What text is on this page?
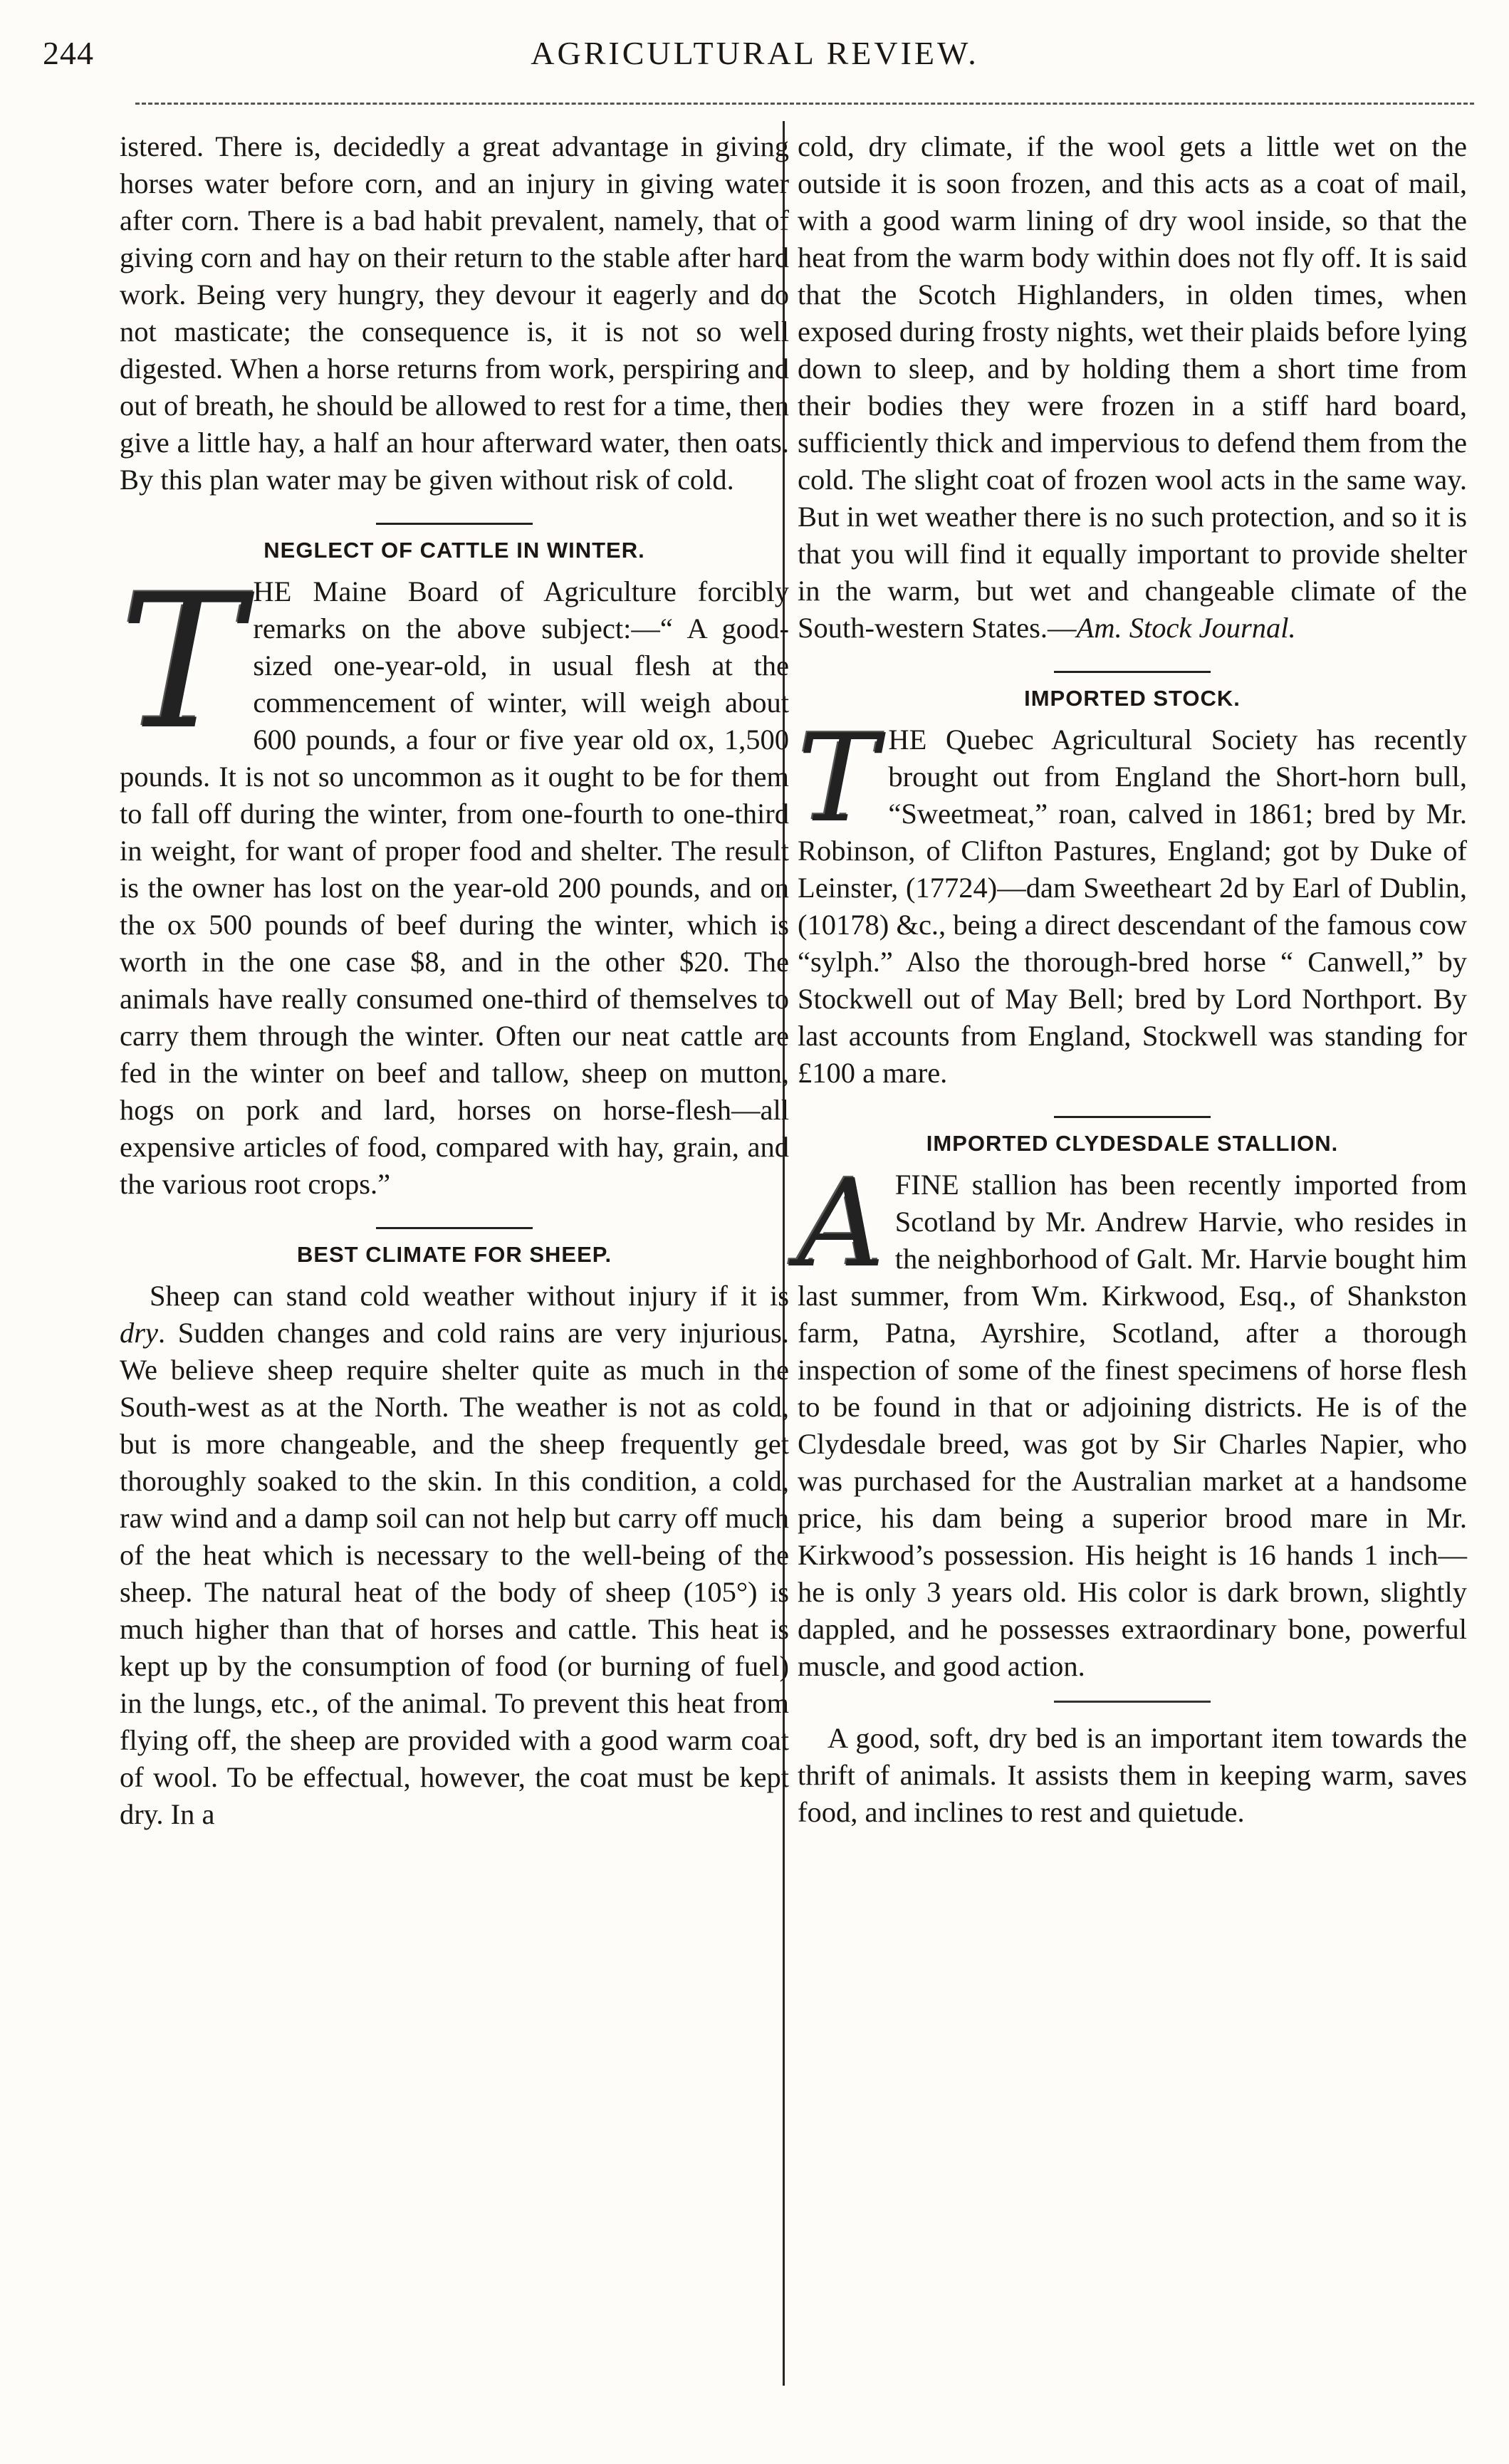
244	AGRICULTURAL REVIEW.

istered. There is, decidedly a great advantage in giving horses water before corn, and an injury in giving water after corn. There is a bad habit prevalent, namely, that of giving corn and hay on their return to the stable after hard work. Being very hungry, they devour it eagerly and do not masticate; the consequence is, it is not so well digested. When a horse returns from work, perspiring and out of breath, he should be allowed to rest for a time, then give a little hay, a half an hour afterward water, then oats. By this plan water may be given without risk of cold.

NEGLECT OF CATTLE IN WINTER.
T HE Maine Board of Agriculture forcibly remarks on the above subject:—“ A good-sized one-year-old, in usual flesh at the commencement of winter, will weigh about 600 pounds, a four or five year old ox, 1,500 pounds. It is not so uncommon as it ought to be for them to fall off during the winter, from one-fourth to one-third in weight, for want of proper food and shelter. The result is the owner has lost on the year-old 200 pounds, and on the ox 500 pounds of beef during the winter, which is worth in the one case $8, and in the other $20. The animals have really consumed one-third of themselves to carry them through the winter. Often our neat cattle are fed in the winter on beef and tallow, sheep on mutton, hogs on pork and lard, horses on horse-flesh—all expensive articles of food, compared with hay, grain, and the various root crops.”

BEST CLIMATE FOR SHEEP.

Sheep can stand cold weather without injury if it is dry. Sudden changes and cold rains are very injurious. We believe sheep require shelter quite as much in the South-west as at the North. The weather is not as cold, but is more changeable, and the sheep frequently get thoroughly soaked to the skin. In this condition, a cold, raw wind and a damp soil can not help but carry off much of the heat which is necessary to the well-being of the sheep. The natural heat of the body of sheep (105°) is much higher than that of horses and cattle. This heat is kept up by the consumption of food (or burning of fuel) in the lungs, etc., of the animal. To prevent this heat from flying off, the sheep are provided with a good warm coat of wool. To be effectual, however, the coat must be kept dry. In a

cold, dry climate, if the wool gets a little wet on the outside it is soon frozen, and this acts as a coat of mail, with a good warm lining of dry wool inside, so that the heat from the warm body within does not fly off. It is said that the Scotch Highlanders, in olden times, when exposed during frosty nights, wet their plaids before lying down to sleep, and by holding them a short time from their bodies they were frozen in a stiff hard board, sufficiently thick and impervious to defend them from the cold. The slight coat of frozen wool acts in the same way. But in wet weather there is no such protection, and so it is that you will find it equally important to provide shelter in the warm, but wet and changeable climate of the South-western States.—Am. Stock Journal.

IMPORTED STOCK.
T HE Quebec Agricultural Society has recently brought out from England the Short-horn bull, “Sweetmeat,” roan, calved in 1861; bred by Mr. Robinson, of Clifton Pastures, England; got by Duke of Leinster, (17724)—dam Sweetheart 2d by Earl of Dublin, (10178) &c., being a direct descendant of the famous cow “sylph.” Also the thorough-bred horse “ Canwell,” by Stockwell out of May Bell; bred by Lord Northport. By last accounts from England, Stockwell was standing for £100 a mare.

IMPORTED CLYDESDALE STALLION.
A FINE stallion has been recently imported from Scotland by Mr. Andrew Harvie, who resides in the neighborhood of Galt. Mr. Harvie bought him last summer, from Wm. Kirkwood, Esq., of Shankston farm, Patna, Ayrshire, Scotland, after a thorough inspection of some of the finest specimens of horse flesh to be found in that or adjoining districts. He is of the Clydesdale breed, was got by Sir Charles Napier, who was purchased for the Australian market at a handsome price, his dam being a superior brood mare in Mr. Kirkwood’s possession. His height is 16 hands 1 inch—he is only 3 years old. His color is dark brown, slightly dappled, and he possesses extraordinary bone, powerful muscle, and good action.

A good, soft, dry bed is an important item towards the thrift of animals. It assists them in keeping warm, saves food, and inclines to rest and quietude.
